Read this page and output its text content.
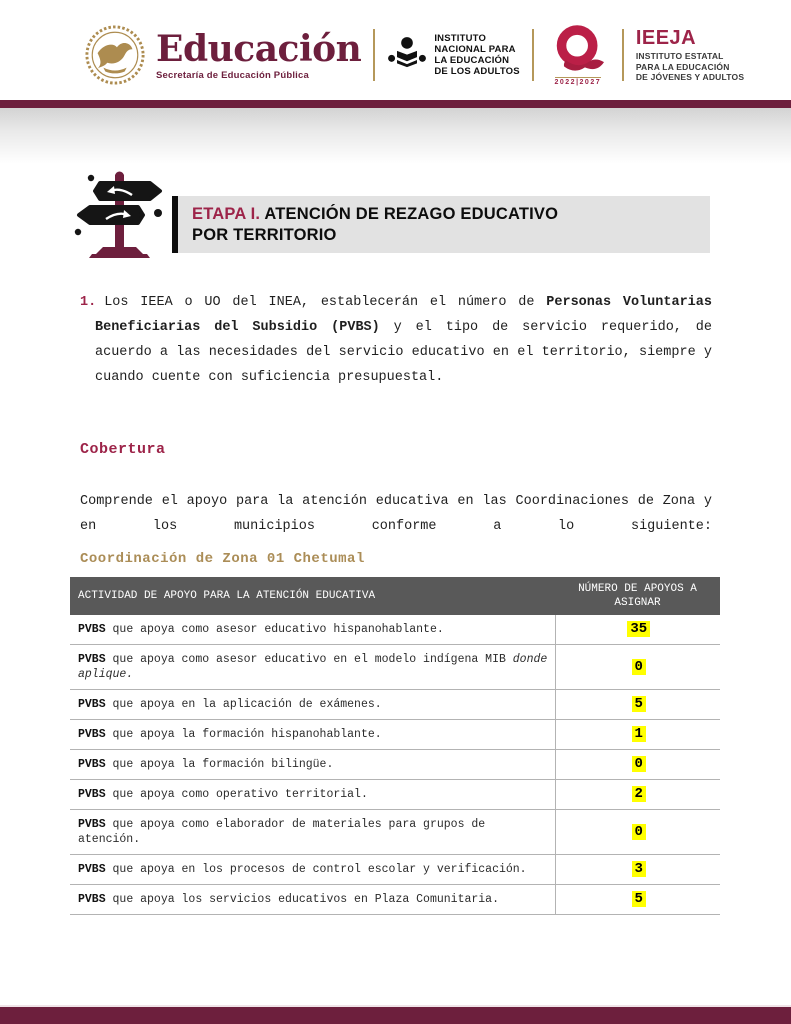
Educación
Secretaría de Educación Pública
INSTITUTO
NACIONAL PARA
LA EDUCACIÓN
DE LOS ADULTOS
2022|2027
IEEJA
INSTITUTO ESTATAL
PARA LA EDUCACIÓN
DE JÓVENES Y ADULTOS
ETAPA I. ATENCIÓN DE REZAGO EDUCATIVO
POR TERRITORIO

1. Los IEEA o UO del INEA, establecerán el número de Personas Voluntarias Beneficiarias del Subsidio (PVBS) y el tipo de servicio requerido, de acuerdo a las necesidades del servicio educativo en el territorio, siempre y cuando cuente con suficiencia presupuestal.

Cobertura

Comprende el apoyo para la atención educativa en las Coordinaciones de Zona y en los municipios conforme a lo siguiente:

Coordinación de Zona 01 Chetumal
ACTIVIDAD DE APOYO PARA LA ATENCIÓN EDUCATIVA	NÚMERO DE APOYOS A ASIGNAR
PVBS que apoya como asesor educativo hispanohablante.	35
PVBS que apoya como asesor educativo en el modelo indígena MIB donde aplique.	0
PVBS que apoya en la aplicación de exámenes.	5
PVBS que apoya la formación hispanohablante.	1
PVBS que apoya la formación bilingüe.	0
PVBS que apoya como operativo territorial.	2
PVBS que apoya como elaborador de materiales para grupos de atención.	0
PVBS que apoya en los procesos de control escolar y verificación.	3
PVBS que apoya los servicios educativos en Plaza Comunitaria.	5
